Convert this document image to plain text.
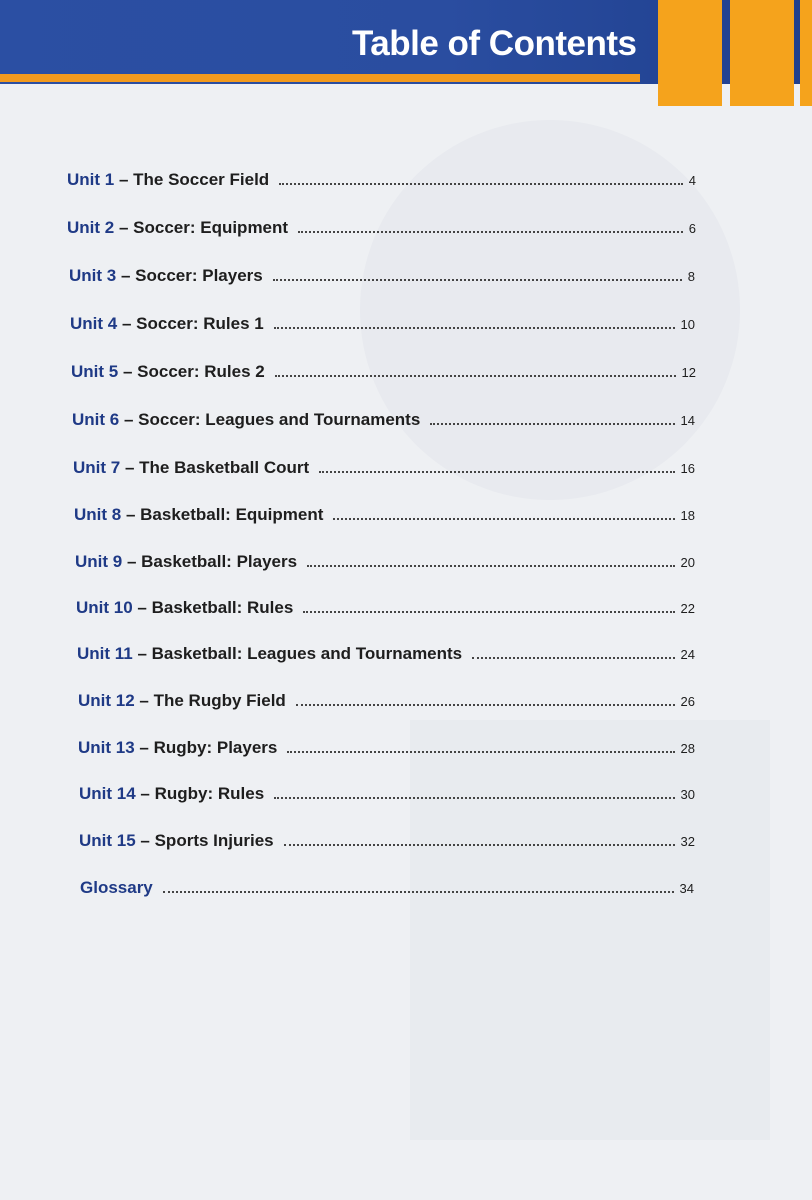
Table of Contents
Unit 1 – The Soccer Field	4
Unit 2 – Soccer: Equipment	6
Unit 3 – Soccer: Players	8
Unit 4 – Soccer: Rules 1	10
Unit 5 – Soccer: Rules 2	12
Unit 6 – Soccer: Leagues and Tournaments	14
Unit 7 – The Basketball Court	16
Unit 8 – Basketball: Equipment	18
Unit 9 – Basketball: Players	20
Unit 10 – Basketball: Rules	22
Unit 11 – Basketball: Leagues and Tournaments	24
Unit 12 – The Rugby Field	26
Unit 13 – Rugby: Players	28
Unit 14 – Rugby: Rules	30
Unit 15 – Sports Injuries	32
Glossary	34
